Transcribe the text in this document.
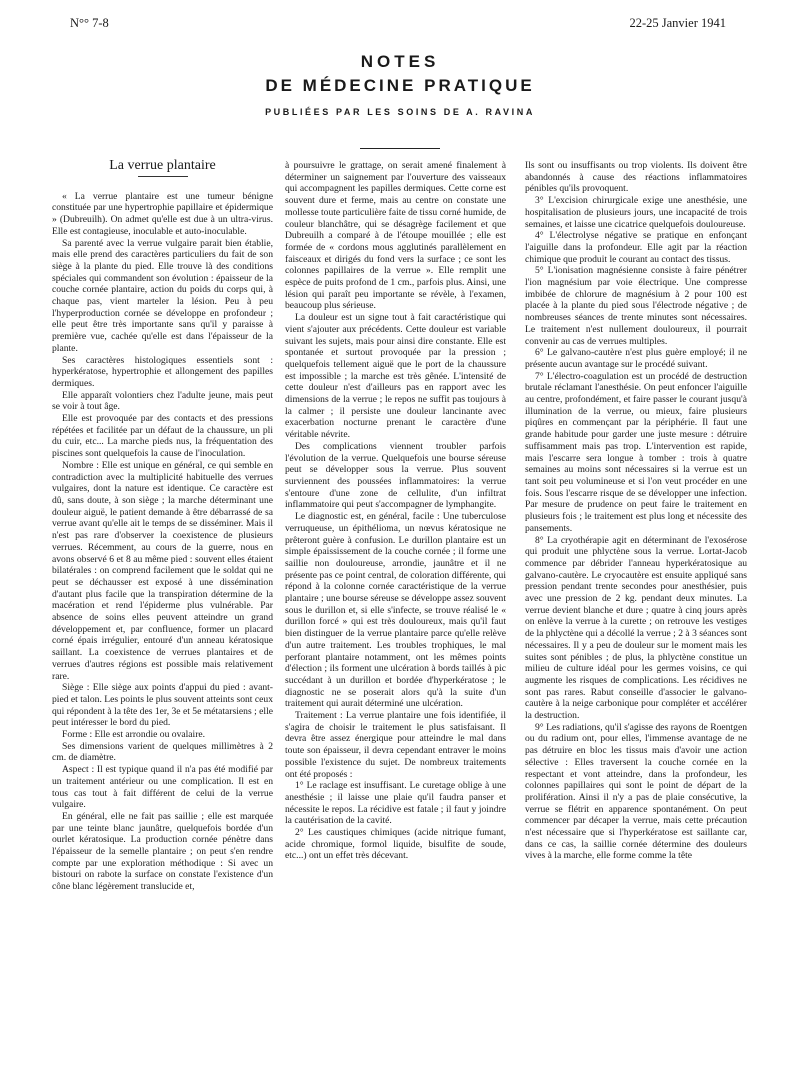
N°° 7-8	22-25 Janvier 1941
NOTES
DE MÉDECINE PRATIQUE
PUBLIÉES PAR LES SOINS DE A. RAVINA

La verrue plantaire

« La verrue plantaire est une tumeur bénigne constituée par une hypertrophie papillaire et épidermique » (Dubreuilh). On admet qu'elle est due à un ultra-virus. Elle est contagieuse, inoculable et auto-inoculable.

Sa parenté avec la verrue vulgaire parait bien établie, mais elle prend des caractères particuliers du fait de son siège à la plante du pied. Elle trouve là des conditions spéciales qui commandent son évolution : épaisseur de la couche cornée plantaire, action du poids du corps qui, à chaque pas, vient marteler la lésion. Peu à peu l'hyperproduction cornée se développe en profondeur ; elle peut être très importante sans qu'il y paraisse à première vue, cachée qu'elle est dans l'épaisseur de la plante.

Ses caractères histologiques essentiels sont : hyperkératose, hypertrophie et allongement des papilles dermiques.

Elle apparaît volontiers chez l'adulte jeune, mais peut se voir à tout âge.

Elle est provoquée par des contacts et des pressions répétées et facilitée par un défaut de la chaussure, un pli du cuir, etc... La marche pieds nus, la fréquentation des piscines sont quelquefois la cause de l'inoculation.

Nombre : Elle est unique en général, ce qui semble en contradiction avec la multiplicité habituelle des verrues vulgaires, dont la nature est identique. Ce caractère est dû, sans doute, à son siège ; la marche déterminant une douleur aiguë, le patient demande à être débarrassé de sa verrue avant qu'elle ait le temps de se disséminer. Mais il n'est pas rare d'observer la coexistence de plusieurs verrues. Récemment, au cours de la guerre, nous en avons observé 6 et 8 au même pied : souvent elles étaient bilatérales : on comprend facilement que le soldat qui ne peut se déchausser est exposé à une dissémination d'autant plus facile que la transpiration détermine de la macération et rend l'épiderme plus vulnérable. Par absence de soins elles peuvent atteindre un grand développement et, par confluence, former un placard corné épais irrégulier, entouré d'un anneau kératosique saillant. La coexistence de verrues plantaires et de verrues d'autres régions est possible mais relativement rare.

Siège : Elle siège aux points d'appui du pied : avant-pied et talon. Les points le plus souvent atteints sont ceux qui répondent à la tête des 1er, 3e et 5e métatarsiens ; elle peut intéresser le bord du pied.

Forme : Elle est arrondie ou ovalaire.

Ses dimensions varient de quelques millimètres à 2 cm. de diamètre.

Aspect : Il est typique quand il n'a pas été modifié par un traitement antérieur ou une complication. Il est en tous cas tout à fait différent de celui de la verrue vulgaire.

En général, elle ne fait pas saillie ; elle est marquée par une teinte blanc jaunâtre, quelquefois bordée d'un ourlet kératosique. La production cornée pénètre dans l'épaisseur de la semelle plantaire ; on peut s'en rendre compte par une exploration méthodique : Si avec un bistouri on rabote la surface on constate l'existence d'un cône blanc légèrement translucide et,

à poursuivre le grattage, on serait amené finalement à déterminer un saignement par l'ouverture des vaisseaux qui accompagnent les papilles dermiques. Cette corne est souvent dure et ferme, mais au centre on constate une mollesse toute particulière faite de tissu corné humide, de couleur blanchâtre, qui se désagrège facilement et que Dubreuilh a comparé à de l'étoupe mouillée ; elle est formée de « cordons mous agglutinés parallèlement en faisceaux et dirigés du fond vers la surface ; ce sont les colonnes papillaires de la verrue ». Elle remplit une espèce de puits profond de 1 cm., parfois plus. Ainsi, une lésion qui paraît peu importante se révèle, à l'examen, beaucoup plus sérieuse.

La douleur est un signe tout à fait caractéristique qui vient s'ajouter aux précédents. Cette douleur est variable suivant les sujets, mais pour ainsi dire constante. Elle est spontanée et surtout provoquée par la pression ; quelquefois tellement aiguë que le port de la chaussure est impossible ; la marche est très gênée. L'intensité de cette douleur n'est d'ailleurs pas en rapport avec les dimensions de la verrue ; le repos ne suffit pas toujours à la calmer ; il persiste une douleur lancinante avec exacerbation nocturne prenant le caractère d'une véritable névrite.

Des complications viennent troubler parfois l'évolution de la verrue. Quelquefois une bourse séreuse peut se développer sous la verrue. Plus souvent surviennent des poussées inflammatoires: la verrue s'entoure d'une zone de cellulite, d'un infiltrat inflammatoire qui peut s'accompagner de lymphangite.

Le diagnostic est, en général, facile : Une tuberculose verruqueuse, un épithélioma, un nœvus kératosique ne prêteront guère à confusion. Le durillon plantaire est un simple épaississement de la couche cornée ; il forme une saillie non douloureuse, arrondie, jaunâtre et il ne présente pas ce point central, de coloration différente, qui répond à la colonne cornée caractéristique de la verrue plantaire ; une bourse séreuse se développe assez souvent sous le durillon et, si elle s'infecte, se trouve réalisé le « durillon forcé » qui est très douloureux, mais qu'il faut bien distinguer de la verrue plantaire parce qu'elle relève d'un autre traitement. Les troubles trophiques, le mal perforant plantaire notamment, ont les mêmes points d'élection ; ils forment une ulcération à bords taillés à pic succédant à un durillon et bordée d'hyperkératose ; le diagnostic ne se poserait alors qu'à la suite d'un traitement qui aurait déterminé une ulcération.

Traitement : La verrue plantaire une fois identifiée, il s'agira de choisir le traitement le plus satisfaisant. Il devra être assez énergique pour atteindre le mal dans toute son épaisseur, il devra cependant entraver le moins possible l'existence du sujet. De nombreux traitements ont été proposés :

1° Le raclage est insuffisant. Le curetage oblige à une anesthésie ; il laisse une plaie qu'il faudra panser et nécessite le repos. La récidive est fatale ; il faut y joindre la cautérisation de la cavité.

2° Les caustiques chimiques (acide nitrique fumant, acide chromique, formol liquide, bisulfite de soude, etc...) ont un effet très décevant.

Ils sont ou insuffisants ou trop violents. Ils doivent être abandonnés à cause des réactions inflammatoires pénibles qu'ils provoquent.

3° L'excision chirurgicale exige une anesthésie, une hospitalisation de plusieurs jours, une incapacité de trois semaines, et laisse une cicatrice quelquefois douloureuse.

4° L'électrolyse négative se pratique en enfonçant l'aiguille dans la profondeur. Elle agit par la réaction chimique que produit le courant au contact des tissus.

5° L'ionisation magnésienne consiste à faire pénétrer l'ion magnésium par voie électrique. Une compresse imbibée de chlorure de magnésium à 2 pour 100 est placée à la plante du pied sous l'électrode négative ; de nombreuses séances de trente minutes sont nécessaires. Le traitement n'est nullement douloureux, il pourrait convenir au cas de verrues multiples.

6° Le galvano-cautère n'est plus guère employé; il ne présente aucun avantage sur le procédé suivant.

7° L'électro-coagulation est un procédé de destruction brutale réclamant l'anesthésie. On peut enfoncer l'aiguille au centre, profondément, et faire passer le courant jusqu'à illumination de la verrue, ou mieux, faire plusieurs piqûres en commençant par la périphérie. Il faut une grande habitude pour garder une juste mesure : détruire suffisamment mais pas trop. L'intervention est rapide, mais l'escarre sera longue à tomber : trois à quatre semaines au moins sont nécessaires si la verrue est un tant soit peu volumineuse et si l'on veut procéder en une fois. Sous l'escarre risque de se développer une infection. Par mesure de prudence on peut faire le traitement en plusieurs fois ; le traitement est plus long et nécessite des pansements.

8° La cryothérapie agit en déterminant de l'exosérose qui produit une phlyctène sous la verrue. Lortat-Jacob commence par débrider l'anneau hyperkératosique au galvano-cautère. Le cryocautère est ensuite appliqué sans pression pendant trente secondes pour anesthésier, puis avec une pression de 2 kg. pendant deux minutes. La verrue devient blanche et dure ; quatre à cinq jours après on enlève la verrue à la curette ; on retrouve les vestiges de la phlyctène qui a décollé la verrue ; 2 à 3 séances sont nécessaires. Il y a peu de douleur sur le moment mais les suites sont pénibles ; de plus, la phlyctène constitue un milieu de culture idéal pour les germes voisins, ce qui augmente les risques de complications. Les récidives ne sont pas rares. Rabut conseille d'associer le galvano-cautère à la neige carbonique pour compléter et accélérer la destruction.

9° Les radiations, qu'il s'agisse des rayons de Roentgen ou du radium ont, pour elles, l'immense avantage de ne pas détruire en bloc les tissus mais d'avoir une action sélective : Elles traversent la couche cornée en la respectant et vont atteindre, dans la profondeur, les colonnes papillaires qui sont le point de départ de la prolifération. Ainsi il n'y a pas de plaie consécutive, la verrue se flétrit en apparence spontanément. On peut commencer par décaper la verrue, mais cette précaution n'est nécessaire que si l'hyperkératose est saillante car, dans ce cas, la saillie cornée détermine des douleurs vives à la marche, elle forme comme la tête
